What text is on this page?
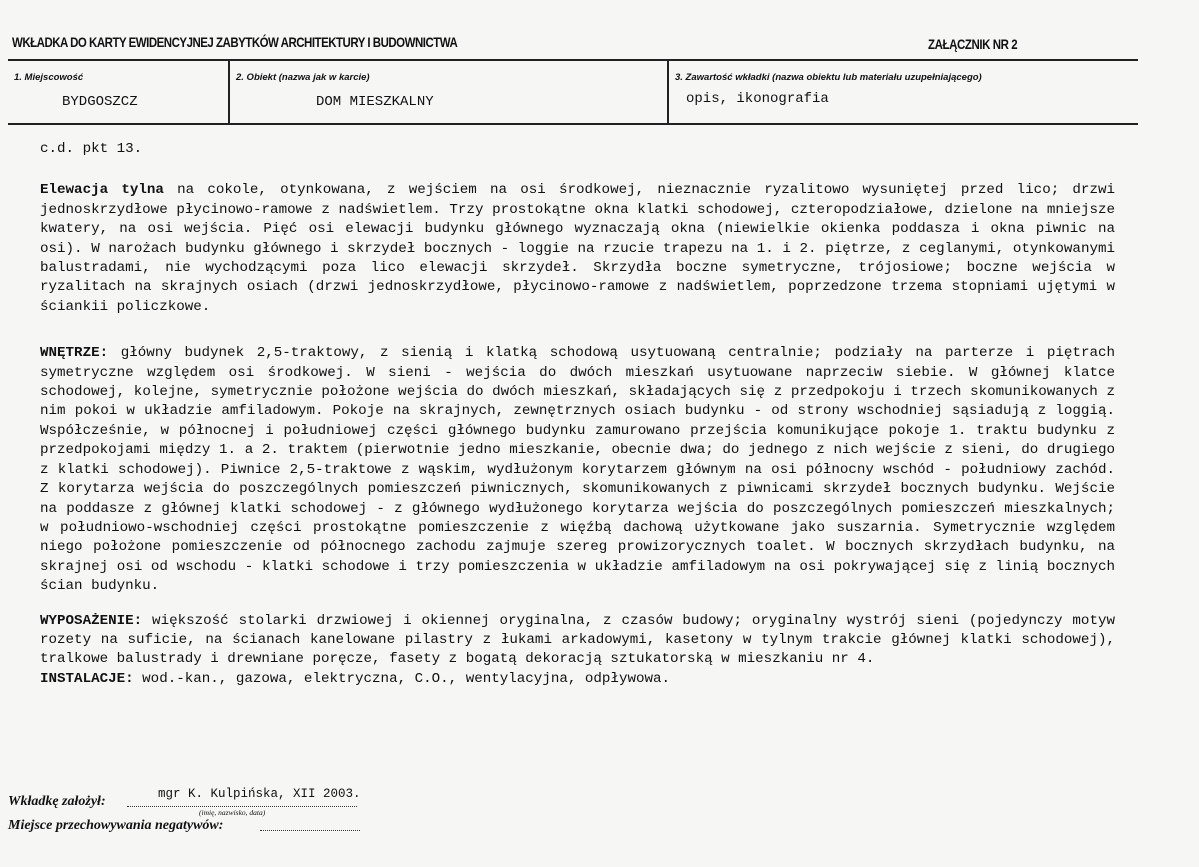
WKŁADKA DO KARTY EWIDENCYJNEJ ZABYTKÓW ARCHITEKTURY I BUDOWNICTWA	ZAŁĄCZNIK NR 2
1. Miejscowość
BYDGOSZCZ
2. Obiekt (nazwa jak w karcie)
DOM MIESZKALNY
3. Zawartość wkładki (nazwa obiektu lub materiału uzupełniającego)
opis, ikonografia

c.d. pkt 13.

Elewacja tylna na cokole, otynkowana, z wejściem na osi środkowej, nieznacznie ryzalitowo wysuniętej przed lico; drzwi jednoskrzydłowe płycinowo-ramowe z nadświetlem. Trzy prostokątne okna klatki schodowej, czteropodziałowe, dzielone na mniejsze kwatery, na osi wejścia. Pięć osi elewacji budynku głównego wyznaczają okna (niewielkie okienka poddasza i okna piwnic na osi). W narożach budynku głównego i skrzydeł bocznych - loggie na rzucie trapezu na 1. i 2. piętrze, z ceglanymi, otynkowanymi balustradami, nie wychodzącymi poza lico elewacji skrzydeł. Skrzydła boczne symetryczne, trójosiowe; boczne wejścia w ryzalitach na skrajnych osiach (drzwi jednoskrzydłowe, płycinowo-ramowe z nadświetlem, poprzedzone trzema stopniami ujętymi w ściankii policzkowe.

WNĘTRZE: główny budynek 2,5-traktowy, z sienią i klatką schodową usytuowaną centralnie; podziały na parterze i piętrach symetryczne względem osi środkowej. W sieni - wejścia do dwóch mieszkań usytuowane naprzeciw siebie. W głównej klatce schodowej, kolejne, symetrycznie położone wejścia do dwóch mieszkań, składających się z przedpokoju i trzech skomunikowanych z nim pokoi w układzie amfiladowym. Pokoje na skrajnych, zewnętrznych osiach budynku - od strony wschodniej sąsiadują z loggią. Współcześnie, w północnej i południowej części głównego budynku zamurowano przejścia komunikujące pokoje 1. traktu budynku z przedpokojami między 1. a 2. traktem (pierwotnie jedno mieszkanie, obecnie dwa; do jednego z nich wejście z sieni, do drugiego z klatki schodowej). Piwnice 2,5-traktowe z wąskim, wydłużonym korytarzem głównym na osi północny wschód - południowy zachód. Z korytarza wejścia do poszczególnych pomieszczeń piwnicznych, skomunikowanych z piwnicami skrzydeł bocznych budynku. Wejście na poddasze z głównej klatki schodowej - z głównego wydłużonego korytarza wejścia do poszczególnych pomieszczeń mieszkalnych; w południowo-wschodniej części prostokątne pomieszczenie z więźbą dachową użytkowane jako suszarnia. Symetrycznie względem niego położone pomieszczenie od północnego zachodu zajmuje szereg prowizorycznych toalet. W bocznych skrzydłach budynku, na skrajnej osi od wschodu - klatki schodowe i trzy pomieszczenia w układzie amfiladowym na osi pokrywającej się z linią bocznych ścian budynku.

WYPOSAŻENIE: większość stolarki drzwiowej i okiennej oryginalna, z czasów budowy; oryginalny wystrój sieni (pojedynczy motyw rozety na suficie, na ścianach kanelowane pilastry z łukami arkadowymi, kasetony w tylnym trakcie głównej klatki schodowej), tralkowe balustrady i drewniane poręcze, fasety z bogatą dekoracją sztukatorską w mieszkaniu nr 4.

INSTALACJE: wod.-kan., gazowa, elektryczna, C.O., wentylacyjna, odpływowa.

Wkładkę założył:	mgr K. Kulpińska, XII 2003.
(imię, nazwisko, data)
Miejsce przechowywania negatywów:
